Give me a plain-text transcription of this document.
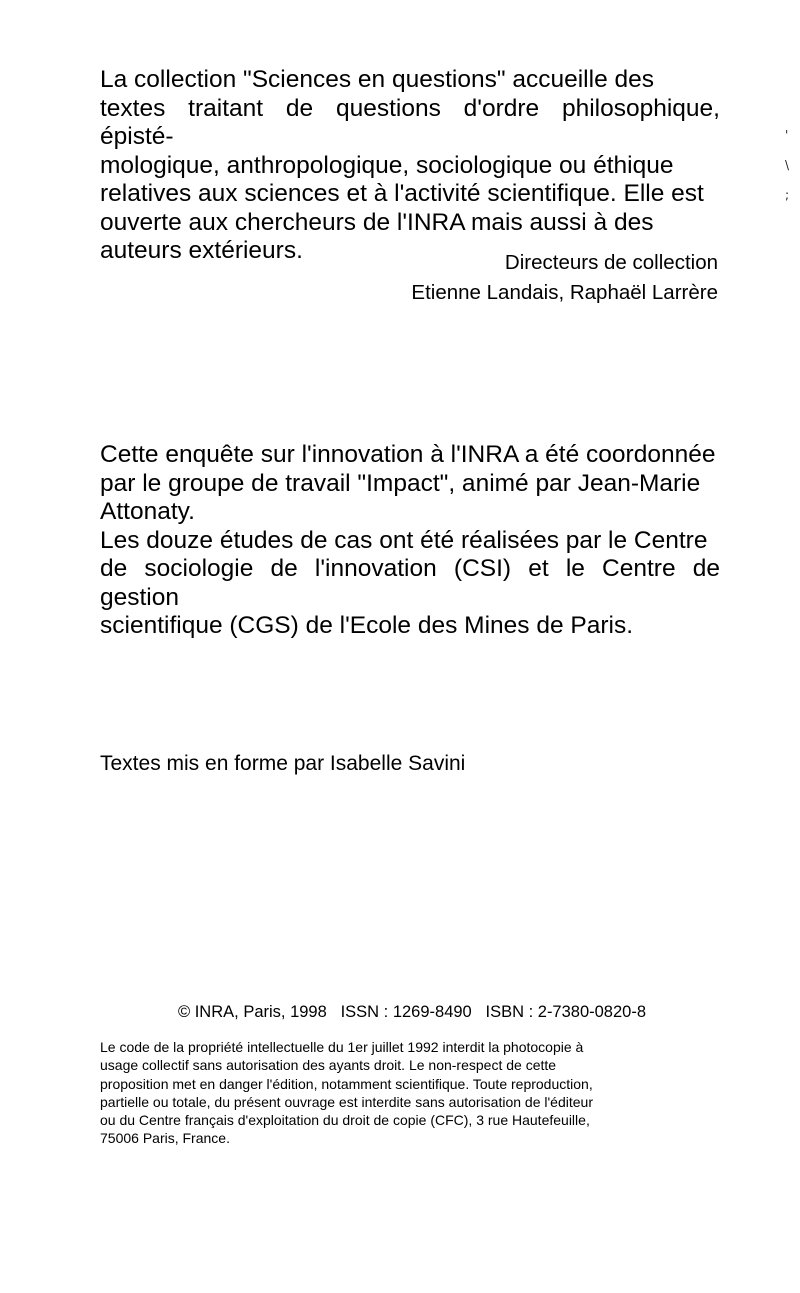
La collection "Sciences en questions" accueille des
textes traitant de questions d'ordre philosophique, épisté-
mologique, anthropologique, sociologique ou éthique
relatives aux sciences et à l'activité scientifique. Elle est
ouverte aux chercheurs de l'INRA mais aussi à des
auteurs extérieurs.	Directeurs de collection
Etienne Landais, Raphaël Larrère
Cette enquête sur l'innovation à l'INRA a été coordonnée
par le groupe de travail "Impact", animé par Jean-Marie
Attonaty.
Les douze études de cas ont été réalisées par le Centre
de sociologie de l'innovation (CSI) et le Centre de gestion
scientifique (CGS) de l'Ecole des Mines de Paris.
Textes mis en forme par Isabelle Savini
© INRA, Paris, 1998 ISSN : 1269-8490 ISBN : 2-7380-0820-8
Le code de la propriété intellectuelle du 1er juillet 1992 interdit la photocopie à
usage collectif sans autorisation des ayants droit. Le non-respect de cette
proposition met en danger l'édition, notamment scientifique. Toute reproduction,
partielle ou totale, du présent ouvrage est interdite sans autorisation de l'éditeur
ou du Centre français d'exploitation du droit de copie (CFC), 3 rue Hautefeuille,
75006 Paris, France.
'
\
;
